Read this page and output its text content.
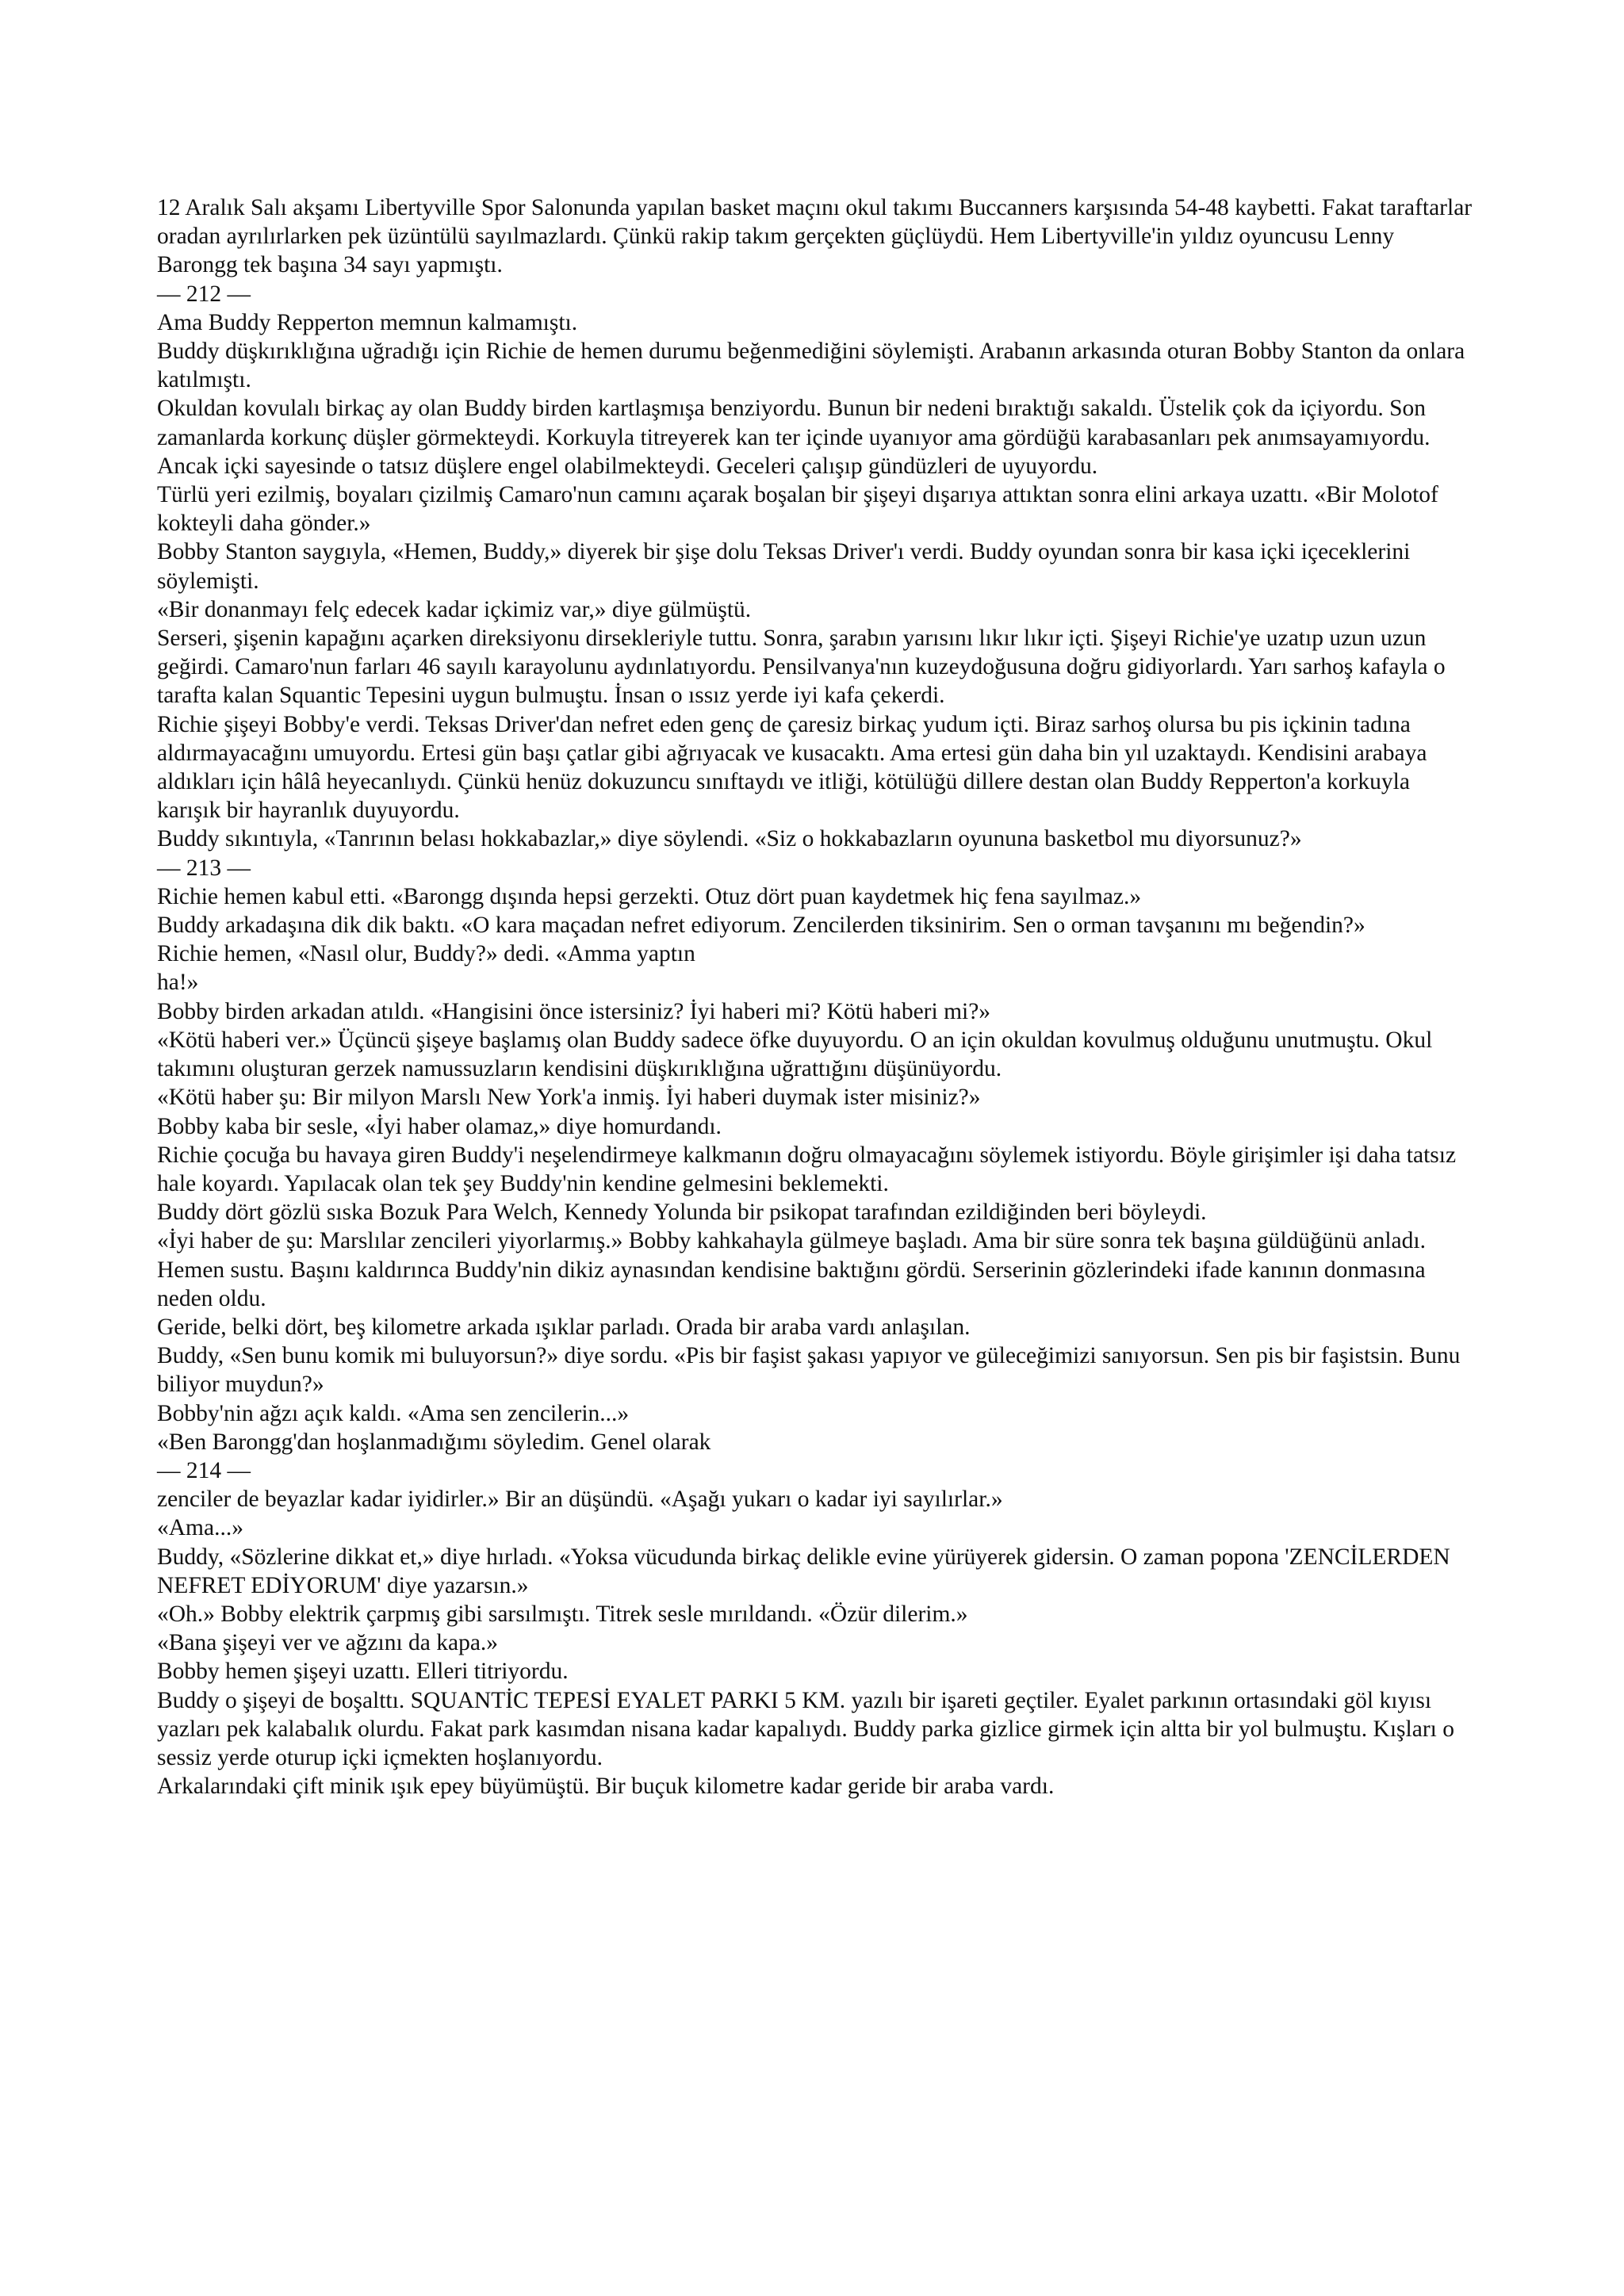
12 Aralık Salı akşamı Libertyville Spor Salonunda yapılan basket maçını okul takımı Buccanners karşısında 54-48 kaybetti. Fakat taraftarlar oradan ayrılırlarken pek üzüntülü sayılmazlardı. Çünkü rakip takım gerçekten güçlüydü. Hem Libertyville'in yıldız oyuncusu Lenny Barongg tek başına 34 sayı yapmıştı.

— 212 —

Ama Buddy Repperton memnun kalmamıştı.

Buddy düşkırıklığına uğradığı için Richie de hemen durumu beğenmediğini söylemişti. Arabanın arkasında oturan Bobby Stanton da onlara katılmıştı.

Okuldan kovulalı birkaç ay olan Buddy birden kartlaşmışa benziyordu. Bunun bir nedeni bıraktığı sakaldı. Üstelik çok da içiyordu. Son zamanlarda korkunç düşler görmekteydi. Korkuyla titreyerek kan ter içinde uyanıyor ama gördüğü karabasanları pek anımsayamıyordu.

Ancak içki sayesinde o tatsız düşlere engel olabilmekteydi. Geceleri çalışıp gündüzleri de uyuyordu.

Türlü yeri ezilmiş, boyaları çizilmiş Camaro'nun camını açarak boşalan bir şişeyi dışarıya attıktan sonra elini arkaya uzattı. «Bir Molotof kokteyli daha gönder.»

Bobby Stanton saygıyla, «Hemen, Buddy,» diyerek bir şişe dolu Teksas Driver'ı verdi. Buddy oyundan sonra bir kasa içki içeceklerini söylemişti.

«Bir donanmayı felç edecek kadar içkimiz var,» diye gülmüştü.

Serseri, şişenin kapağını açarken direksiyonu dirsekleriyle tuttu. Sonra, şarabın yarısını lıkır lıkır içti. Şişeyi Richie'ye uzatıp uzun uzun geğirdi. Camaro'nun farları 46 sayılı karayolunu aydınlatıyordu. Pensilvanya'nın kuzeydoğusuna doğru gidiyorlardı. Yarı sarhoş kafayla o tarafta kalan Squantic Tepesini uygun bulmuştu. İnsan o ıssız yerde iyi kafa çekerdi.

Richie şişeyi Bobby'e verdi. Teksas Driver'dan nefret eden genç de çaresiz birkaç yudum içti. Biraz sarhoş olursa bu pis içkinin tadına aldırmayacağını umuyordu. Ertesi gün başı çatlar gibi ağrıyacak ve kusacaktı. Ama ertesi gün daha bin yıl uzaktaydı. Kendisini arabaya aldıkları için hâlâ heyecanlıydı. Çünkü henüz dokuzuncu sınıftaydı ve itliği, kötülüğü dillere destan olan Buddy Repperton'a korkuyla karışık bir hayranlık duyuyordu.

Buddy sıkıntıyla, «Tanrının belası hokkabazlar,» diye söylendi. «Siz o hokkabazların oyununa basketbol mu diyorsunuz?»

— 213 —

Richie hemen kabul etti. «Barongg dışında hepsi gerzekti. Otuz dört puan kaydetmek hiç fena sayılmaz.»

Buddy arkadaşına dik dik baktı. «O kara maçadan nefret ediyorum. Zencilerden tiksinirim. Sen o orman tavşanını mı beğendin?»

Richie hemen, «Nasıl olur, Buddy?» dedi. «Amma yaptın

ha!»

Bobby birden arkadan atıldı. «Hangisini önce istersiniz? İyi haberi mi? Kötü haberi mi?»

«Kötü haberi ver.» Üçüncü şişeye başlamış olan Buddy sadece öfke duyuyordu. O an için okuldan kovulmuş olduğunu unutmuştu. Okul takımını oluşturan gerzek namussuzların kendisini düşkırıklığına uğrattığını düşünüyordu.

«Kötü haber şu: Bir milyon Marslı New York'a inmiş. İyi haberi duymak ister misiniz?»

Bobby kaba bir sesle, «İyi haber olamaz,» diye homurdandı.

Richie çocuğa bu havaya giren Buddy'i neşelendirmeye kalkmanın doğru olmayacağını söylemek istiyordu. Böyle girişimler işi daha tatsız hale koyardı. Yapılacak olan tek şey Buddy'nin kendine gelmesini beklemekti.

Buddy dört gözlü sıska Bozuk Para Welch, Kennedy Yolunda bir psikopat tarafından ezildiğinden beri böyleydi.

«İyi haber de şu: Marslılar zencileri yiyorlarmış.» Bobby kahkahayla gülmeye başladı. Ama bir süre sonra tek başına güldüğünü anladı. Hemen sustu. Başını kaldırınca Buddy'nin dikiz aynasından kendisine baktığını gördü. Serserinin gözlerindeki ifade kanının donmasına neden oldu.

Geride, belki dört, beş kilometre arkada ışıklar parladı. Orada bir araba vardı anlaşılan.

Buddy, «Sen bunu komik mi buluyorsun?» diye sordu. «Pis bir faşist şakası yapıyor ve güleceğimizi sanıyorsun. Sen pis bir faşistsin. Bunu biliyor muydun?»

Bobby'nin ağzı açık kaldı. «Ama sen zencilerin...»

«Ben Barongg'dan hoşlanmadığımı söyledim. Genel olarak

— 214 —

zenciler de beyazlar kadar iyidirler.» Bir an düşündü. «Aşağı yukarı o kadar iyi sayılırlar.»

«Ama...»

Buddy, «Sözlerine dikkat et,» diye hırladı. «Yoksa vücudunda birkaç delikle evine yürüyerek gidersin. O zaman popona 'ZENCİLERDEN NEFRET EDİYORUM' diye yazarsın.»

«Oh.» Bobby elektrik çarpmış gibi sarsılmıştı. Titrek sesle mırıldandı. «Özür dilerim.»

«Bana şişeyi ver ve ağzını da kapa.»

Bobby hemen şişeyi uzattı. Elleri titriyordu.

Buddy o şişeyi de boşalttı. SQUANTİC TEPESİ EYALET PARKI 5 KM. yazılı bir işareti geçtiler. Eyalet parkının ortasındaki göl kıyısı yazları pek kalabalık olurdu. Fakat park kasımdan nisana kadar kapalıydı. Buddy parka gizlice girmek için altta bir yol bulmuştu. Kışları o sessiz yerde oturup içki içmekten hoşlanıyordu.

Arkalarındaki çift minik ışık epey büyümüştü. Bir buçuk kilometre kadar geride bir araba vardı.
